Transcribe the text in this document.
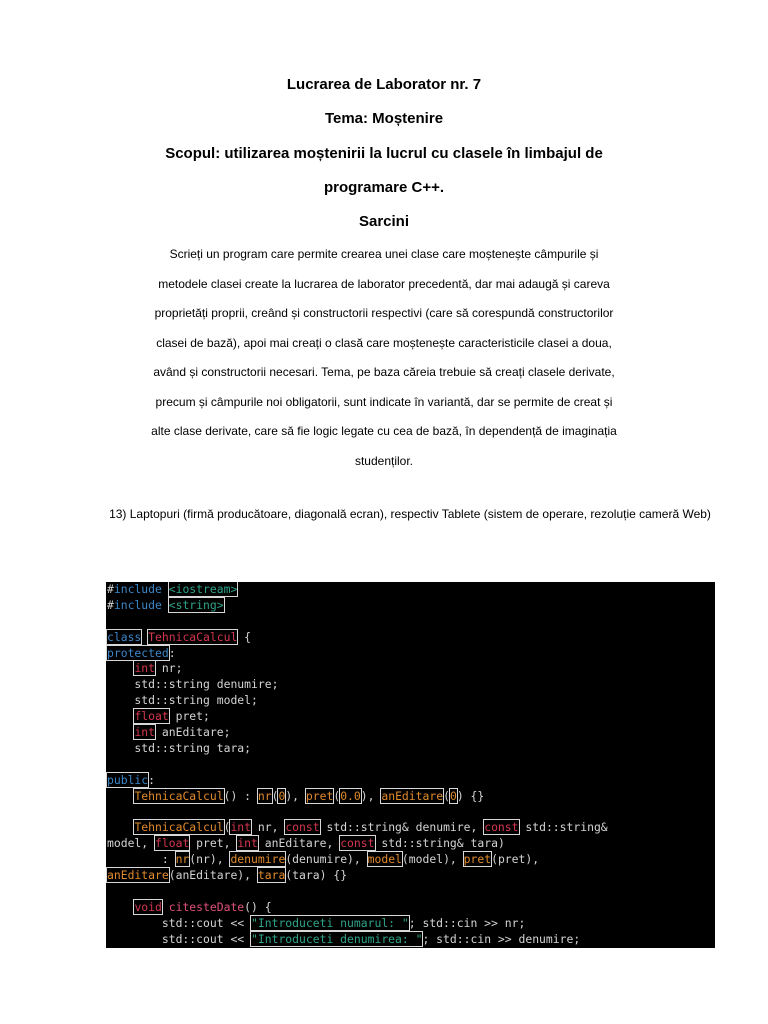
Lucrarea de Laborator nr. 7

Tema: Moștenire

Scopul: utilizarea moștenirii la lucrul cu clasele în limbajul de

programare C++.

Sarcini

Scrieți un program care permite crearea unei clase care moștenește câmpurile și metodele clasei create la lucrarea de laborator precedentă, dar mai adaugă și careva proprietăți proprii, creând și constructorii respectivi (care să corespundă constructorilor clasei de bază), apoi mai creați o clasă care moștenește caracteristicile clasei a doua, având și constructorii necesari. Tema, pe baza căreia trebuie să creați clasele derivate, precum și câmpurile noi obligatorii, sunt indicate în variantă, dar se permite de creat și alte clase derivate, care să fie logic legate cu cea de bază, în dependență de imaginația studenților.

13) Laptopuri (firmă producătoare, diagonală ecran), respectiv Tablete (sistem de operare, rezoluție cameră Web)

#include <iostream>
#include <string>
class TehnicaCalcul {
protected:
int nr;
std::string denumire;
std::string model;
float pret;
int anEditare;
std::string tara;
public:
TehnicaCalcul() : nr(0), pret(0.0), anEditare(0) {}
TehnicaCalcul(int nr, const std::string& denumire, const std::string&
model, float pret, int anEditare, const std::string& tara)
: nr(nr), denumire(denumire), model(model), pret(pret),
anEditare(anEditare), tara(tara) {}
void citesteDate() {
std::cout << "Introduceti numarul: "; std::cin >> nr;
std::cout << "Introduceti denumirea: "; std::cin >> denumire;
